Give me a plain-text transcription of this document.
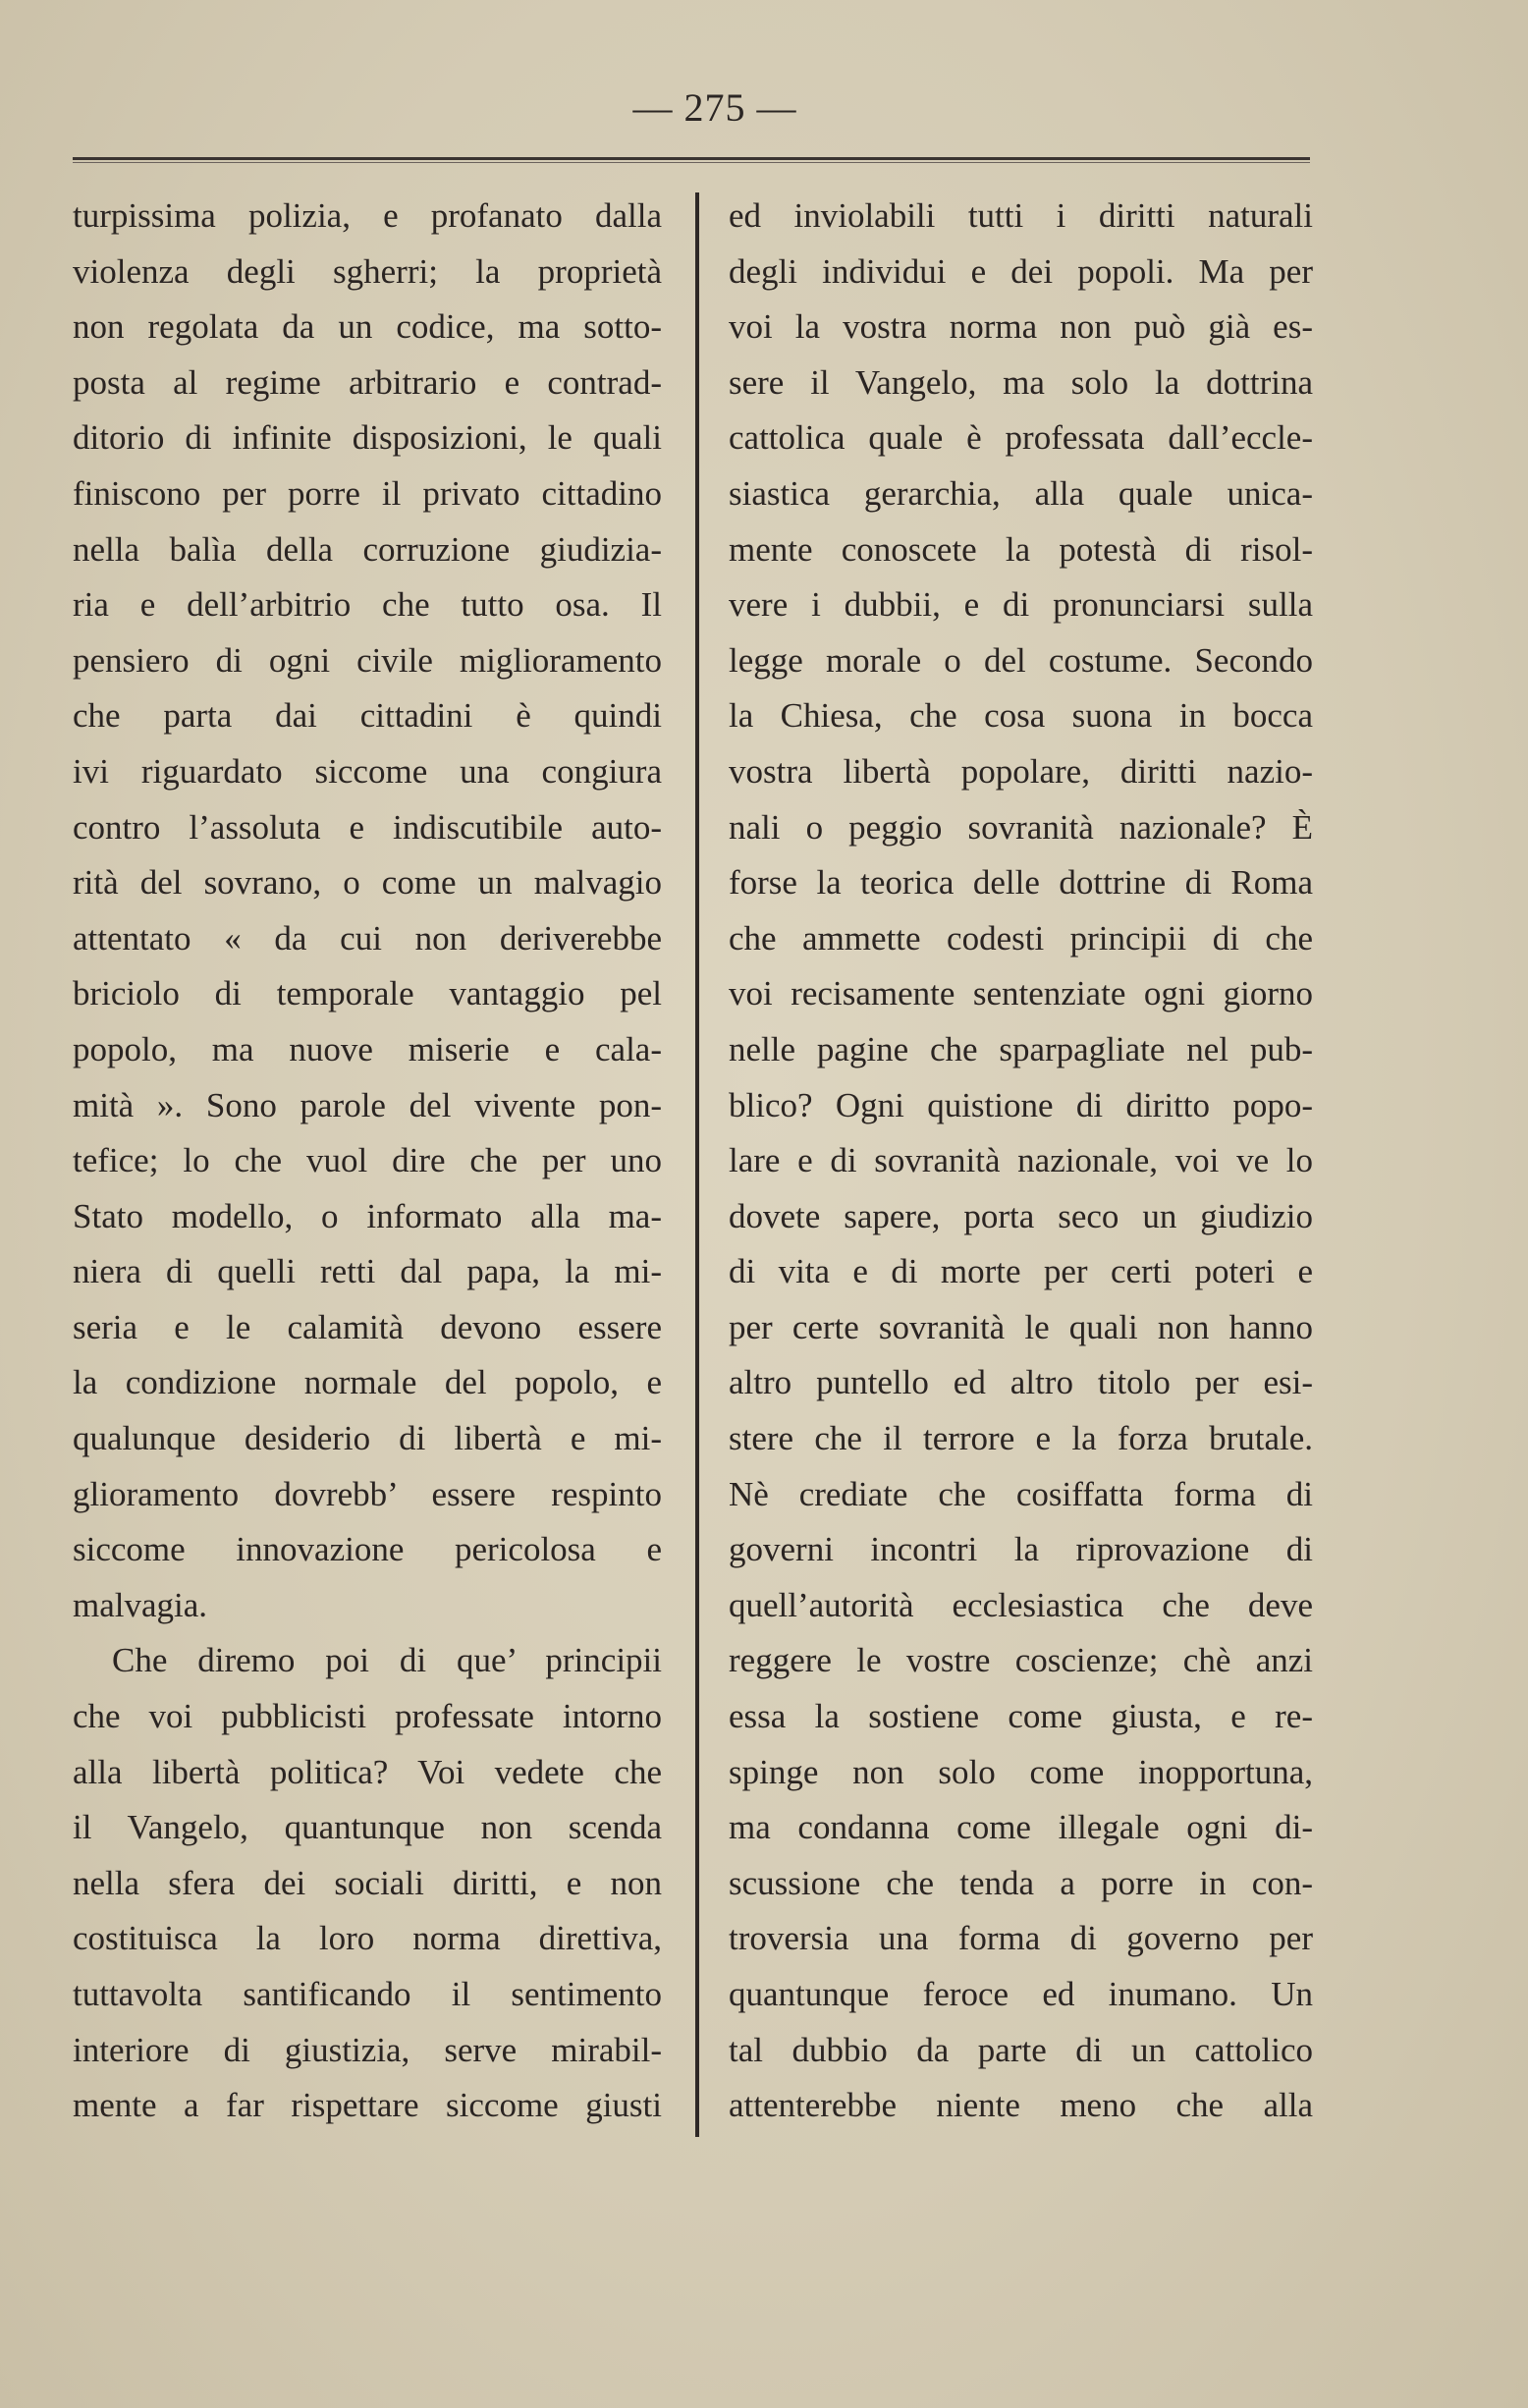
— 275 —
turpissima polizia, e profanato dalla
violenza degli sgherri; la proprietà
non regolata da un codice, ma sotto-
posta al regime arbitrario e contrad-
ditorio di infinite disposizioni, le quali
finiscono per porre il privato cittadino
nella balìa della corruzione giudizia-
ria e dell’arbitrio che tutto osa. Il
pensiero di ogni civile miglioramento
che parta dai cittadini è quindi
ivi riguardato siccome una congiura
contro l’assoluta e indiscutibile auto-
rità del sovrano, o come un malvagio
attentato « da cui non deriverebbe
briciolo di temporale vantaggio pel
popolo, ma nuove miserie e cala-
mità ». Sono parole del vivente pon-
tefice; lo che vuol dire che per uno
Stato modello, o informato alla ma-
niera di quelli retti dal papa, la mi-
seria e le calamità devono essere
la condizione normale del popolo, e
qualunque desiderio di libertà e mi-
glioramento dovrebb’ essere respinto
siccome innovazione pericolosa e
malvagia.
Che diremo poi di que’ principii
che voi pubblicisti professate intorno
alla libertà politica? Voi vedete che
il Vangelo, quantunque non scenda
nella sfera dei sociali diritti, e non
costituisca la loro norma direttiva,
tuttavolta santificando il sentimento
interiore di giustizia, serve mirabil-
mente a far rispettare siccome giusti
ed inviolabili tutti i diritti naturali
degli individui e dei popoli. Ma per
voi la vostra norma non può già es-
sere il Vangelo, ma solo la dottrina
cattolica quale è professata dall’eccle-
siastica gerarchia, alla quale unica-
mente conoscete la potestà di risol-
vere i dubbii, e di pronunciarsi sulla
legge morale o del costume. Secondo
la Chiesa, che cosa suona in bocca
vostra libertà popolare, diritti nazio-
nali o peggio sovranità nazionale? È
forse la teorica delle dottrine di Roma
che ammette codesti principii di che
voi recisamente sentenziate ogni giorno
nelle pagine che sparpagliate nel pub-
blico? Ogni quistione di diritto popo-
lare e di sovranità nazionale, voi ve lo
dovete sapere, porta seco un giudizio
di vita e di morte per certi poteri e
per certe sovranità le quali non hanno
altro puntello ed altro titolo per esi-
stere che il terrore e la forza brutale.
Nè crediate che cosiffatta forma di
governi incontri la riprovazione di
quell’autorità ecclesiastica che deve
reggere le vostre coscienze; chè anzi
essa la sostiene come giusta, e re-
spinge non solo come inopportuna,
ma condanna come illegale ogni di-
scussione che tenda a porre in con-
troversia una forma di governo per
quantunque feroce ed inumano. Un
tal dubbio da parte di un cattolico
attenterebbe niente meno che alla
